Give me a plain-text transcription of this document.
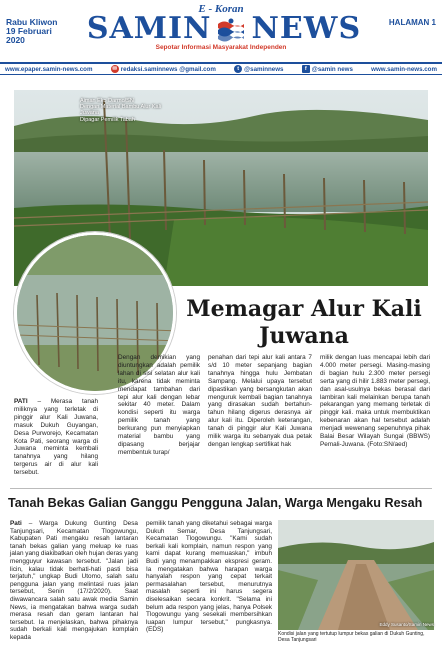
E - Koran
Rabu Kliwon
19 Februari
2020	SAMIN NEWS
Sepotar Informasi Masyarakat Independen
HALAMAN 1
www.epaper.samin-news.com	✉ redaksi.saminnews @gmail.com	t @saminnews	f @samin news	www.samin-news.com
Aiman Eko Darmo/SN
Dengan Material Bambu Alur Kali Juwana
Dipagar Pemilik Tabah
Memagar Alur Kali Juwana

PATI – Merasa tanah miliknya yang terletak di pinggir alur Kali Juwana, masuk Dukuh Guyangan, Desa Purworejo, Kecamatan Kota Pati, seorang warga di Juwana meminta kembali tanahnya yang hilang tergerus air di alur kali tersebut.

Dengan demikian yang diuntungkan adalah pemilik lahan di sisi selatan alur kali itu, karena tidak meminta mendapat tambahan dari tepi alur kali dengan lebar sekitar 40 meter. Dalam kondisi seperti itu warga pemilik tanah yang berkurang pun menyiapkan material bambu yang dipasang berjajar membentuk turap/

penahan dari tepi alur kali antara 7 s/d 10 meter sepanjang bagian tanahnya hingga hulu Jembatan Sampang. Melalui upaya tersebut dipastikan yang bersangkutan akan menguruk kembali bagian tanahnya yang dirasakan sudah bertahun-tahun hilang digerus derasnya air alur kali itu. Diperoleh keterangan, tanah di pinggir alur Kali Juwana milik warga itu sebanyak dua petak dengan lengkap sertifikat hak

milik dengan luas mencapai lebih dari 4.000 meter persegi. Masing-masing di bagian hulu 2.300 meter persegi serta yang di hilir 1.883 meter persegi, dan asal-usulnya bekas berasal dari lambiran kali melainkan berupa tanah pekarangan yang memang terletak di pinggir kali. maka untuk membuktikan kebenaran akan hal tersebut adalah menjadi wewenang sepenuhnya pihak Balai Besar Wilayah Sungai (BBWS) Pemali-Juwana. (Foto:SN/aed)

Tanah Bekas Galian Ganggu Pengguna Jalan, Warga Mengaku Resah

Pati – Warga Dukung Gunting Desa Tanjungsari, Kecamatan Tlogowungu, Kabupaten Pati mengaku resah lantaran tanah bekas galian yang meluap ke ruas jalan yang diakibatkan oleh hujan deras yang mengguyur kawasan tersebut. "Jalan jadi licin, kalau tidak berhati-hati pasti bisa terjatuh," ungkap Budi Utomo, salah satu pengguna jalan yang melintasi ruas jalan tersebut, Senin (17/2/2020). Saat diwawancara salah satu awak media Samin News, ia mengatakan bahwa warga sudah merasa resah dan geram lantaran hal tersebut. Ia menjelaskan, bahwa pihaknya sudah berkali kali mengajukan komplain kepada

pemilik tanah yang diketahui sebagai warga Dukuh Semar, Desa Tanjungsari, Kecamatan Tlogowungu. "Kami sudah berkali kali komplain, namun respon yang kami dapat kurang memuaskan," imbuh Budi yang menampakkan ekspresi geram. Ia mengatakan bahwa harapan warga hanyalah respon yang cepat terkait permasalahan tersebut, menurutnya masalah seperti ini harus segera diselesaikan secara konkrit. "Selama ini belum ada respon yang jelas, hanya Polsek Tlogowungu yang sesekali membersihkan luapan lumpur tersebut," pungkasnya. (EDS)

Eddy Susanto/Samin News
Kondisi jalan yang tertutup lumpur bekas galian di Dukuh Gunting, Desa Tanjungsari
